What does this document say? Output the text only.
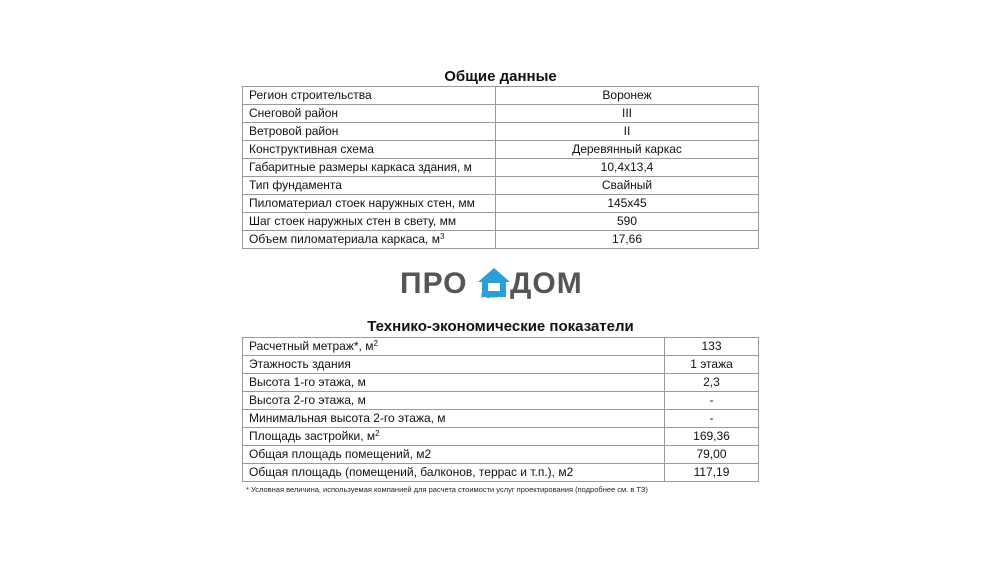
Общие данные
Регион строительства	Воронеж
Снеговой район	III
Ветровой район	II
Конструктивная схема	Деревянный каркас
Габаритные размеры каркаса здания, м	10,4х13,4
Тип фундамента	Свайный
Пиломатериал стоек наружных стен, мм	145х45
Шаг стоек наружных стен в свету, мм	590
Объем пиломатериала каркаса, $м^3$	17,66
ПРО РЕМ ДОМ
Технико-экономические показатели
Расчетный метраж*, $м^2$	133
Этажность здания	1 этажа
Высота 1-го этажа, м	2,3
Высота 2-го этажа, м	-
Минимальная высота 2-го этажа, м	-
Площадь застройки, $м^2$	169,36
Общая площадь помещений, м2	79,00
Общая площадь (помещений, балконов, террас и т.п.), м2	117,19
* Условная величина, используемая компанией для расчета стоимости услуг проектирования (подробнее см. в ТЗ)
